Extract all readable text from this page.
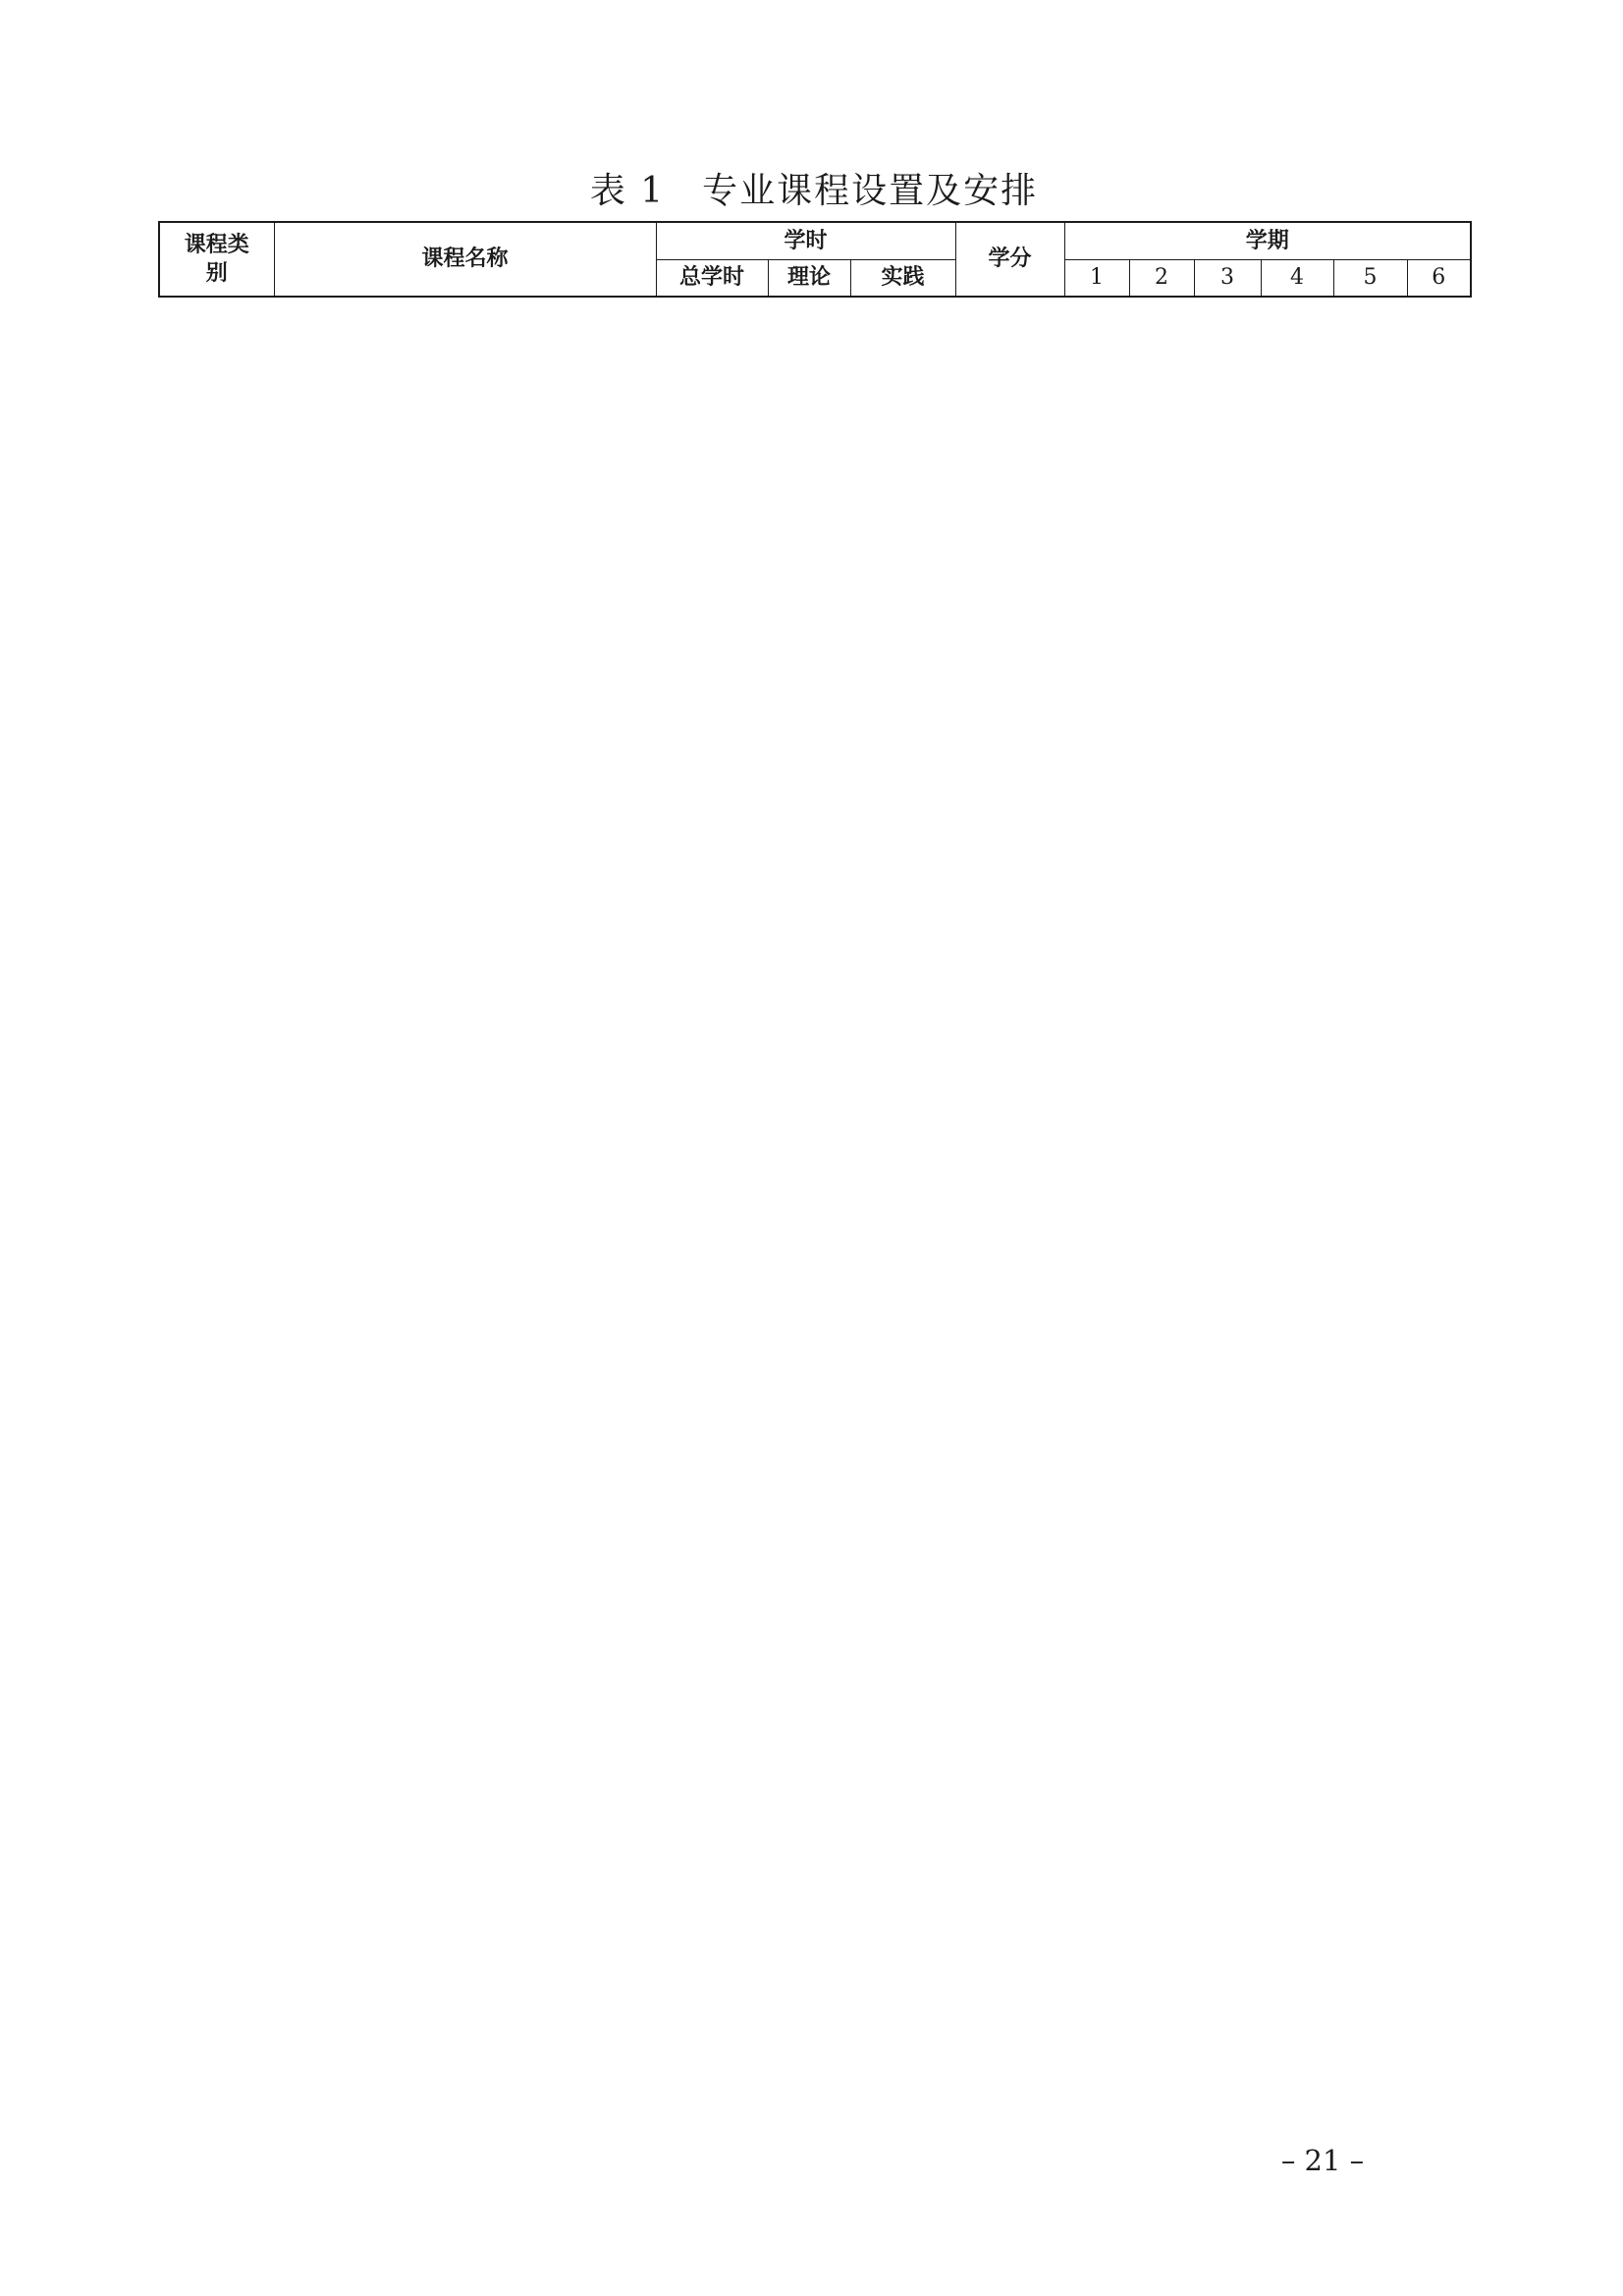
表 1　专业课程设置及安排
课程类别	课程名称	学时			学分	学期					
		总学时	理论	实践		1	2	3	4	5	6
– 21 –
